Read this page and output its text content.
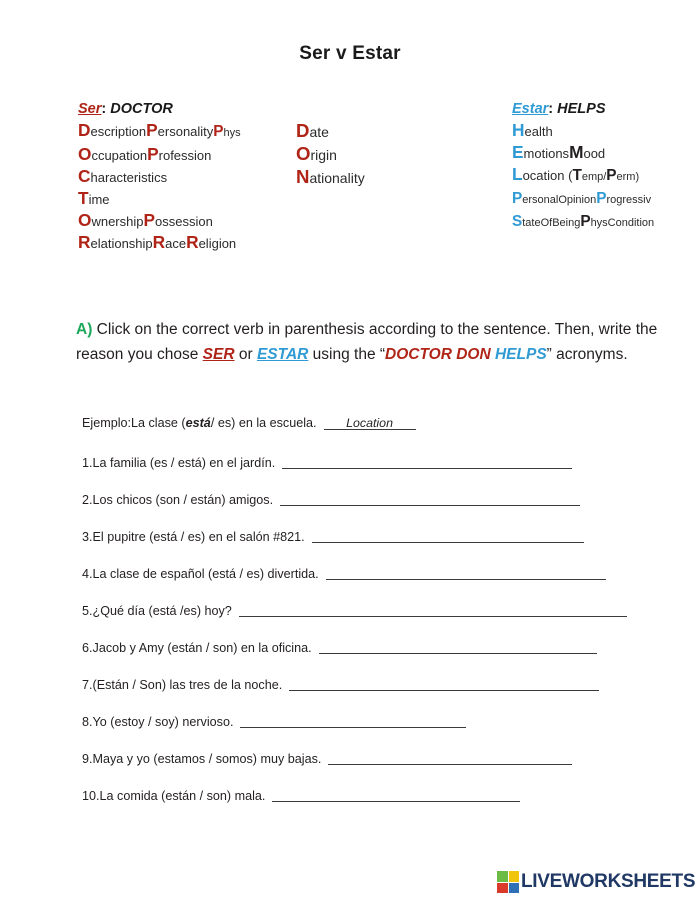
Ser v Estar
Ser: DOCTOR
DescriptionPersonalityPhys
OccupationProfession
Characteristics
Time
OwnershipPossession
RelationshipRaceReligion
Date
Origin
Nationality
Estar: HELPS
Health
EmotionsMood
Location (Temp/Perm)
PersonalOpinionProgressiv
StateOfBeingPhysCondition
A) Click on the correct verb in parenthesis according to the sentence. Then, write the reason you chose SER or ESTAR using the “DOCTOR DON HELPS” acronyms.
Ejemplo:La clase (está/ es) en la escuela. Location
1.La familia (es / está) en el jardín.
2.Los chicos (son / están) amigos.
3.El pupitre (está / es) en el salón #821.
4.La clase de español (está / es) divertida.
5.¿Qué día (está /es) hoy?
6.Jacob y Amy (están / son) en la oficina.
7.(Están / Son) las tres de la noche.
8.Yo (estoy / soy) nervioso.
9.Maya y yo (estamos / somos) muy bajas.
10.La comida (están / son) mala.
LIVEWORKSHEETS
